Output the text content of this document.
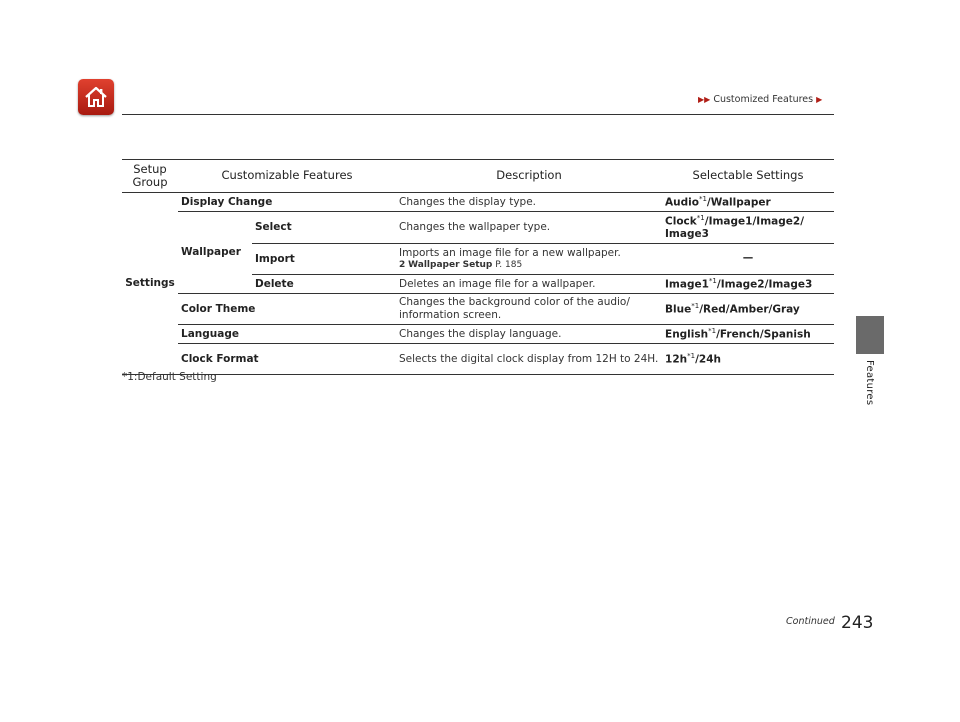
▶▶ Customized Features ▶
Features
Setup Group	Customizable Features		Description	Selectable Settings
Settings	Display Change		Changes the display type.	Audio$^{*1}$/Wallpaper
	Wallpaper	Select	Changes the wallpaper type.	Clock$^{*1}$/Image1/Image2/
Image3
		Import	Imports an image file for a new wallpaper.
2 Wallpaper Setup P. 185	—
		Delete	Deletes an image file for a wallpaper.	Image1$^{*1}$/Image2/Image3
	Color Theme		Changes the background color of the audio/ information screen.	Blue$^{*1}$/Red/Amber/Gray
	Language		Changes the display language.	English$^{*1}$/French/Spanish
	Clock Format		Selects the digital clock display from 12H to 24H.	$12h^{*1}/24h$
*1:Default Setting
Continued 243
